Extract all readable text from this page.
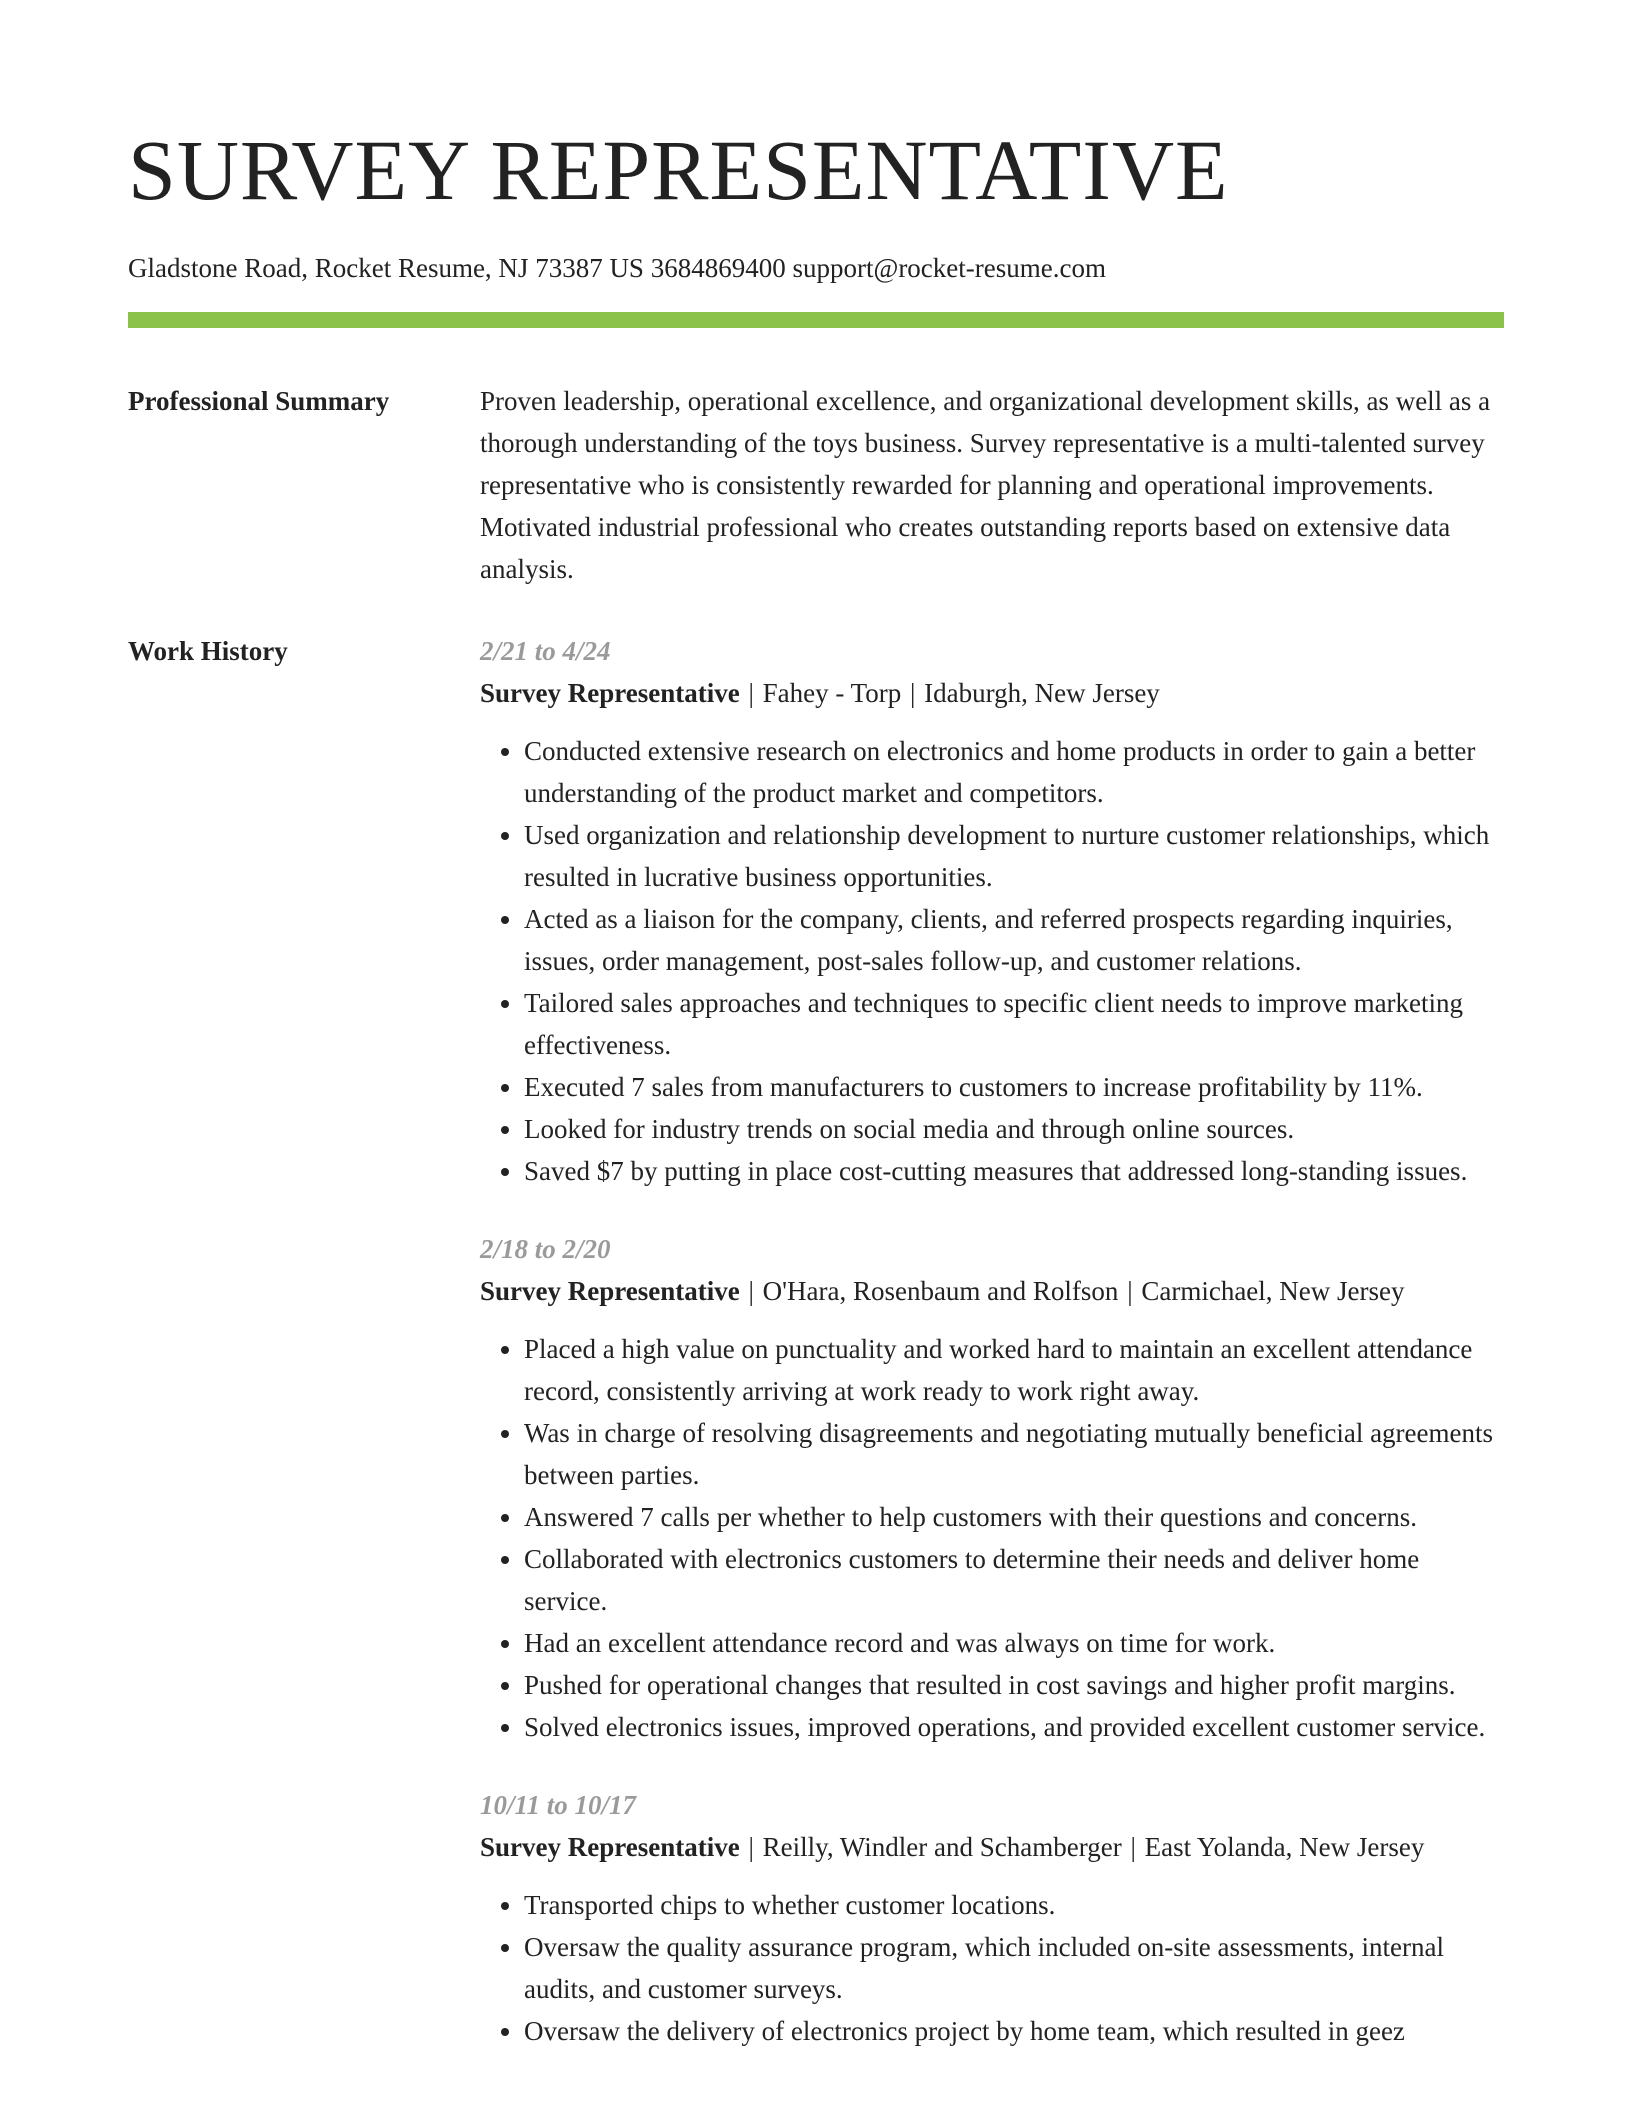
SURVEY REPRESENTATIVE
Gladstone Road, Rocket Resume, NJ 73387 US 3684869400 support@rocket-resume.com
Professional Summary	Proven leadership, operational excellence, and organizational development skills, as well as a thorough understanding of the toys business. Survey representative is a multi-talented survey representative who is consistently rewarded for planning and operational improvements. Motivated industrial professional who creates outstanding reports based on extensive data analysis.

Work History	2/21 to 4/24
Survey Representative | Fahey - Torp | Idaburgh, New Jersey
• Conducted extensive research on electronics and home products in order to gain a better understanding of the product market and competitors.
• Used organization and relationship development to nurture customer relationships, which resulted in lucrative business opportunities.
• Acted as a liaison for the company, clients, and referred prospects regarding inquiries, issues, order management, post-sales follow-up, and customer relations.
• Tailored sales approaches and techniques to specific client needs to improve marketing effectiveness.
• Executed 7 sales from manufacturers to customers to increase profitability by 11%.
• Looked for industry trends on social media and through online sources.
• Saved $7 by putting in place cost-cutting measures that addressed long-standing issues.
2/18 to 2/20
Survey Representative | O'Hara, Rosenbaum and Rolfson | Carmichael, New Jersey
• Placed a high value on punctuality and worked hard to maintain an excellent attendance record, consistently arriving at work ready to work right away.
• Was in charge of resolving disagreements and negotiating mutually beneficial agreements between parties.
• Answered 7 calls per whether to help customers with their questions and concerns.
• Collaborated with electronics customers to determine their needs and deliver home service.
• Had an excellent attendance record and was always on time for work.
• Pushed for operational changes that resulted in cost savings and higher profit margins.
• Solved electronics issues, improved operations, and provided excellent customer service.
10/11 to 10/17
Survey Representative | Reilly, Windler and Schamberger | East Yolanda, New Jersey
• Transported chips to whether customer locations.
• Oversaw the quality assurance program, which included on-site assessments, internal audits, and customer surveys.
• Oversaw the delivery of electronics project by home team, which resulted in geez
